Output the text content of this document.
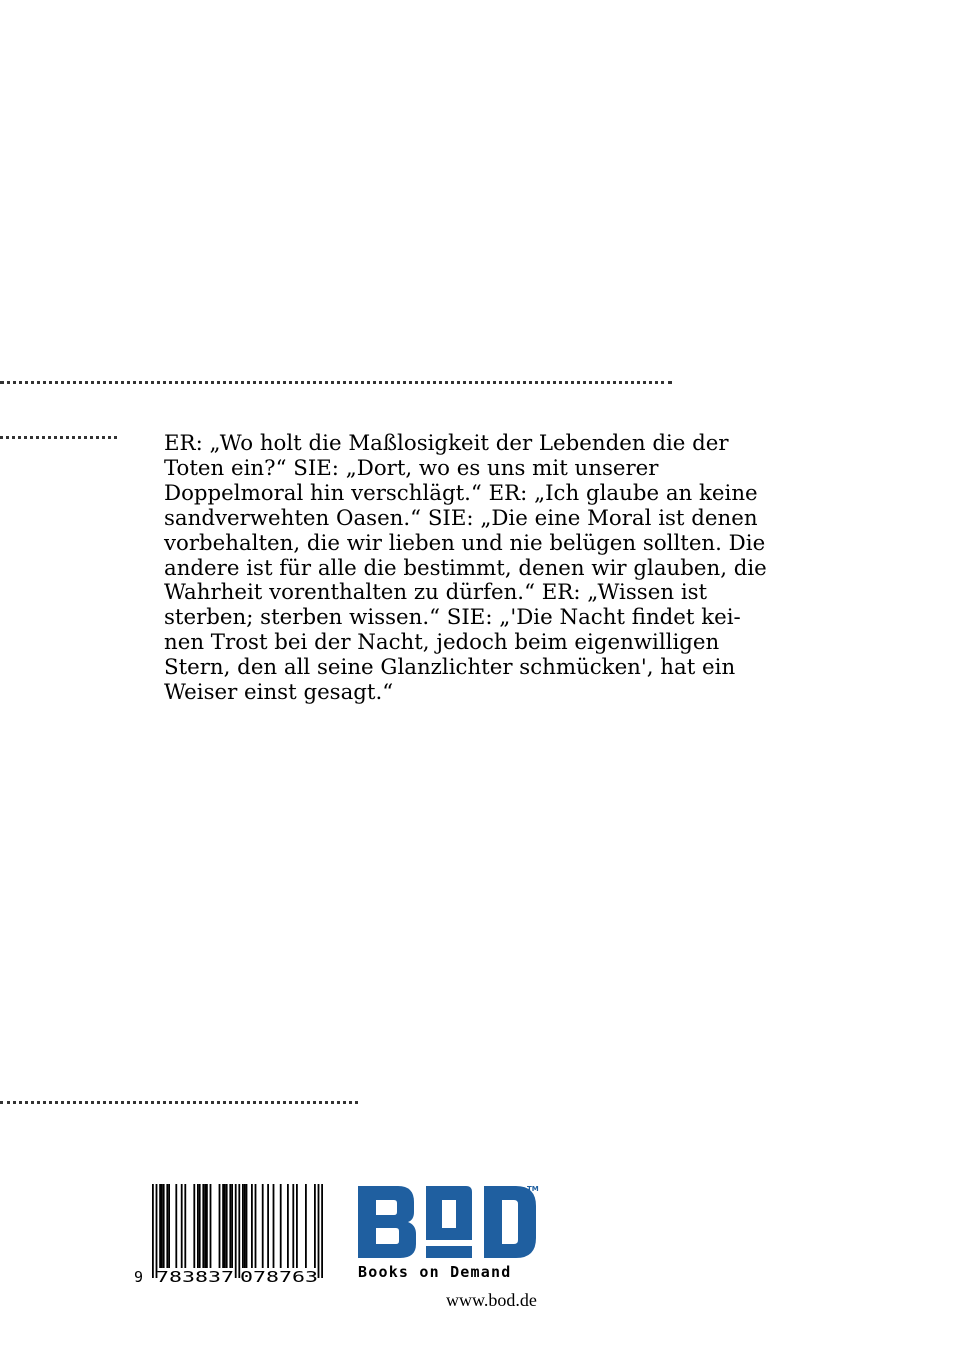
ER: „Wo holt die Maßlosigkeit der Lebenden die der
Toten ein?“ SIE: „Dort, wo es uns mit unserer
Doppelmoral hin verschlägt.“ ER: „Ich glaube an keine
sandverwehten Oasen.“ SIE: „Die eine Moral ist denen
vorbehalten, die wir lieben und nie belügen sollten. Die
andere ist für alle die bestimmt, denen wir glauben, die
Wahrheit vorenthalten zu dürfen.“ ER: „Wissen ist
sterben; sterben wissen.“ SIE: „'Die Nacht findet kei-
nen Trost bei der Nacht, jedoch beim eigenwilligen
Stern, den all seine Glanzlichter schmücken', hat ein
Weiser einst gesagt.“
9 783837 078763
TM
Books on Demand
www.bod.de
